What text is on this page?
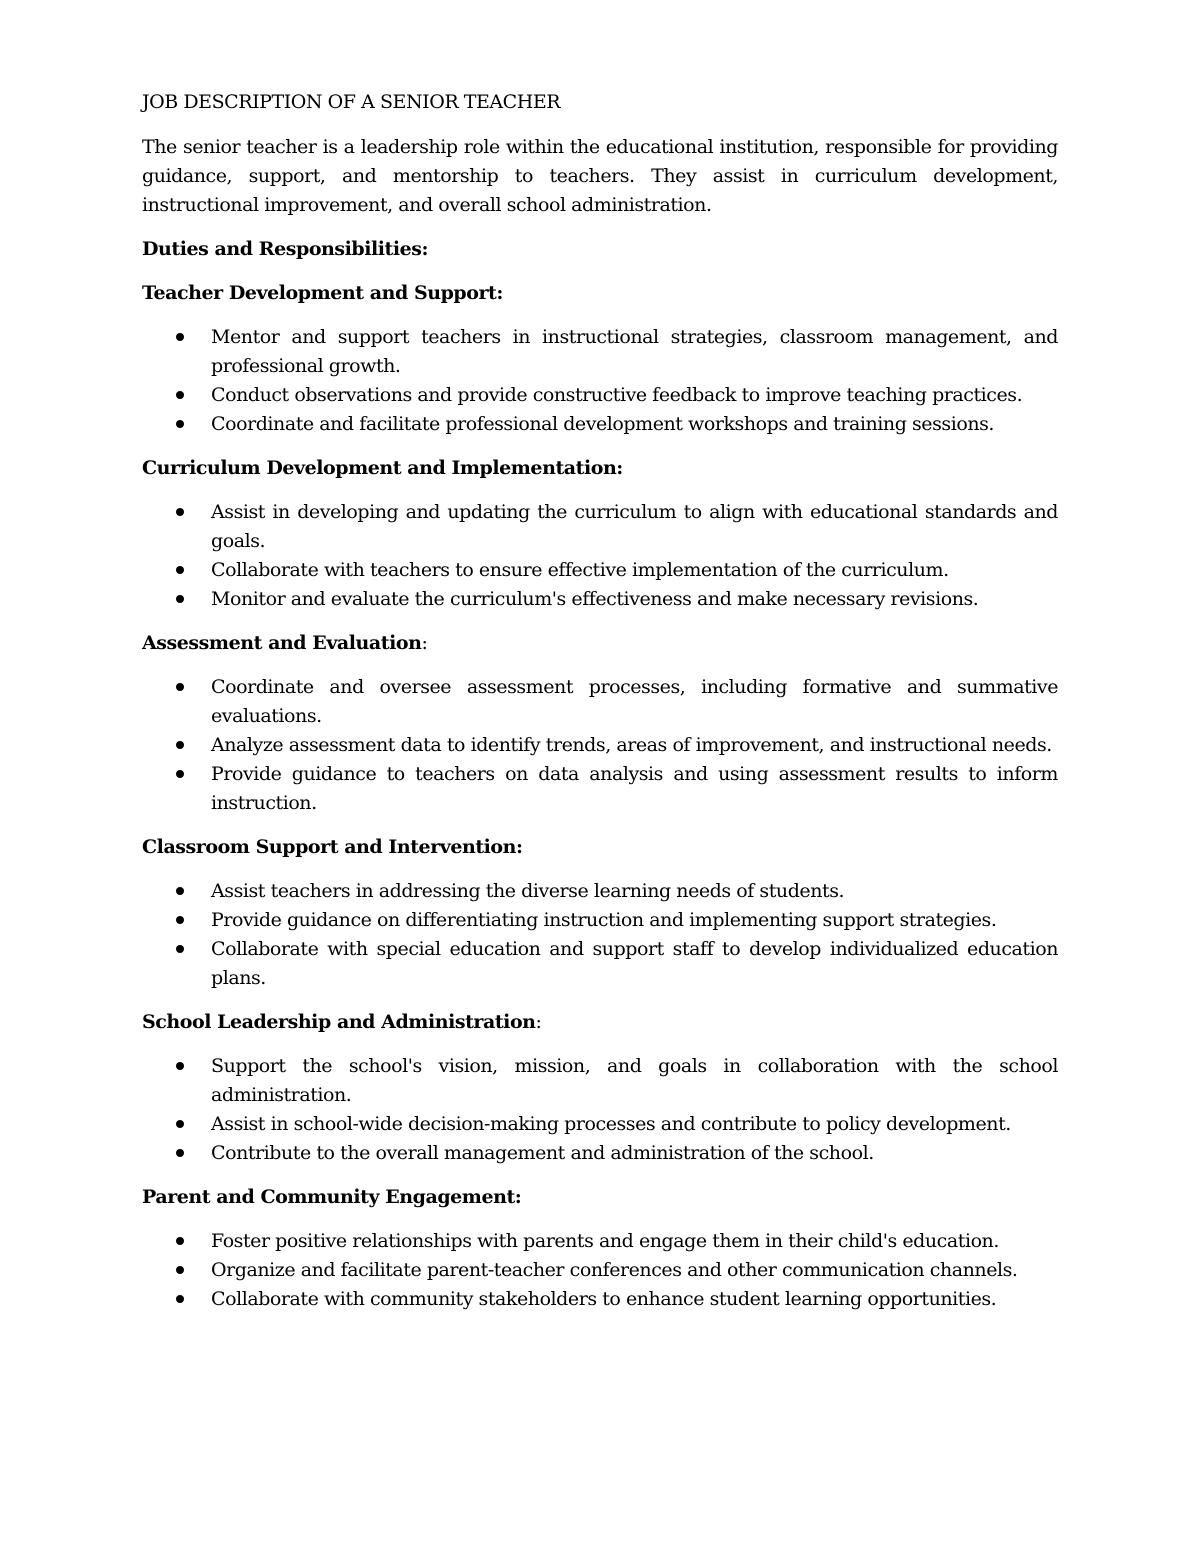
JOB DESCRIPTION OF A SENIOR TEACHER

The senior teacher is a leadership role within the educational institution, responsible for providing guidance, support, and mentorship to teachers. They assist in curriculum development, instructional improvement, and overall school administration.

Duties and Responsibilities:

Teacher Development and Support:

Mentor and support teachers in instructional strategies, classroom management, and professional growth.
Conduct observations and provide constructive feedback to improve teaching practices.
Coordinate and facilitate professional development workshops and training sessions.

Curriculum Development and Implementation:

Assist in developing and updating the curriculum to align with educational standards and goals.
Collaborate with teachers to ensure effective implementation of the curriculum.
Monitor and evaluate the curriculum's effectiveness and make necessary revisions.

Assessment and Evaluation:

Coordinate and oversee assessment processes, including formative and summative evaluations.
Analyze assessment data to identify trends, areas of improvement, and instructional needs.
Provide guidance to teachers on data analysis and using assessment results to inform instruction.

Classroom Support and Intervention:

Assist teachers in addressing the diverse learning needs of students.
Provide guidance on differentiating instruction and implementing support strategies.
Collaborate with special education and support staff to develop individualized education plans.

School Leadership and Administration:

Support the school's vision, mission, and goals in collaboration with the school administration.
Assist in school-wide decision-making processes and contribute to policy development.
Contribute to the overall management and administration of the school.

Parent and Community Engagement:

Foster positive relationships with parents and engage them in their child's education.
Organize and facilitate parent-teacher conferences and other communication channels.
Collaborate with community stakeholders to enhance student learning opportunities.
